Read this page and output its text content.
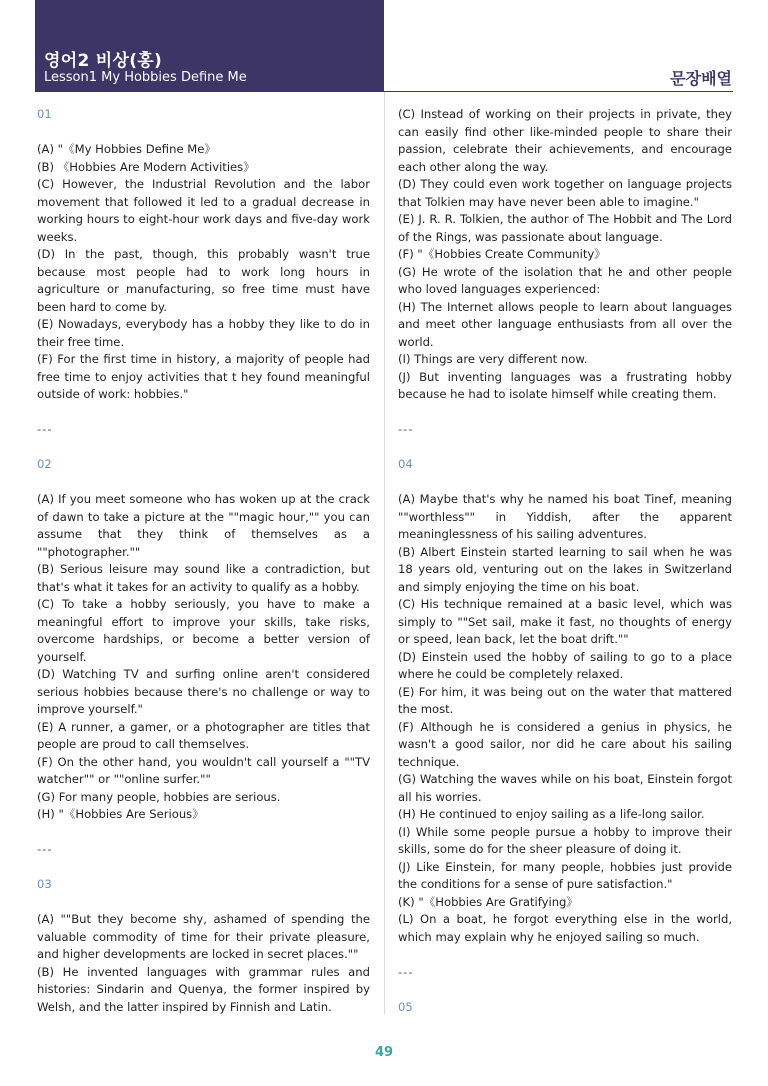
영어2 비상(홍)
Lesson1 My Hobbies Define Me	문장배열
01
(A) "《My Hobbies Define Me》
(B) 《Hobbies Are Modern Activities》
(C) However, the Industrial Revolution and the labor movement that followed it led to a gradual decrease in working hours to eight-hour work days and five-day work weeks.
(D) In the past, though, this probably wasn't true because most people had to work long hours in agriculture or manufacturing, so free time must have been hard to come by.
(E) Nowadays, everybody has a hobby they like to do in their free time.
(F) For the first time in history, a majority of people had free time to enjoy activities that t hey found meaningful outside of work: hobbies."
---
02
(A) If you meet someone who has woken up at the crack of dawn to take a picture at the ""magic hour,"" you can assume that they think of themselves as a ""photographer.""
(B) Serious leisure may sound like a contradiction, but that's what it takes for an activity to qualify as a hobby.
(C) To take a hobby seriously, you have to make a meaningful effort to improve your skills, take risks, overcome hardships, or become a better version of yourself.
(D) Watching TV and surfing online aren't considered serious hobbies because there's no challenge or way to improve yourself."
(E) A runner, a gamer, or a photographer are titles that people are proud to call themselves.
(F) On the other hand, you wouldn't call yourself a ""TV watcher"" or ""online surfer.""
(G) For many people, hobbies are serious.
(H) "《Hobbies Are Serious》
---
03
(A) ""But they become shy, ashamed of spending the valuable commodity of time for their private pleasure, and higher developments are locked in secret places.""
(B) He invented languages with grammar rules and histories: Sindarin and Quenya, the former inspired by Welsh, and the latter inspired by Finnish and Latin.
(C) Instead of working on their projects in private, they can easily find other like-minded people to share their passion, celebrate their achievements, and encourage each other along the way.
(D) They could even work together on language projects that Tolkien may have never been able to imagine."
(E) J. R. R. Tolkien, the author of The Hobbit and The Lord of the Rings, was passionate about language.
(F) "《Hobbies Create Community》
(G) He wrote of the isolation that he and other people who loved languages experienced:
(H) The Internet allows people to learn about languages and meet other language enthusiasts from all over the world.
(I) Things are very different now.
(J) But inventing languages was a frustrating hobby because he had to isolate himself while creating them.
---
04
(A) Maybe that's why he named his boat Tinef, meaning ""worthless"" in Yiddish, after the apparent meaninglessness of his sailing adventures.
(B) Albert Einstein started learning to sail when he was 18 years old, venturing out on the lakes in Switzerland and simply enjoying the time on his boat.
(C) His technique remained at a basic level, which was simply to ""Set sail, make it fast, no thoughts of energy or speed, lean back, let the boat drift.""
(D) Einstein used the hobby of sailing to go to a place where he could be completely relaxed.
(E) For him, it was being out on the water that mattered the most.
(F) Although he is considered a genius in physics, he wasn't a good sailor, nor did he care about his sailing technique.
(G) Watching the waves while on his boat, Einstein forgot all his worries.
(H) He continued to enjoy sailing as a life-long sailor.
(I) While some people pursue a hobby to improve their skills, some do for the sheer pleasure of doing it.
(J) Like Einstein, for many people, hobbies just provide the conditions for a sense of pure satisfaction."
(K) "《Hobbies Are Gratifying》
(L) On a boat, he forgot everything else in the world, which may explain why he enjoyed sailing so much.
---
05
49
